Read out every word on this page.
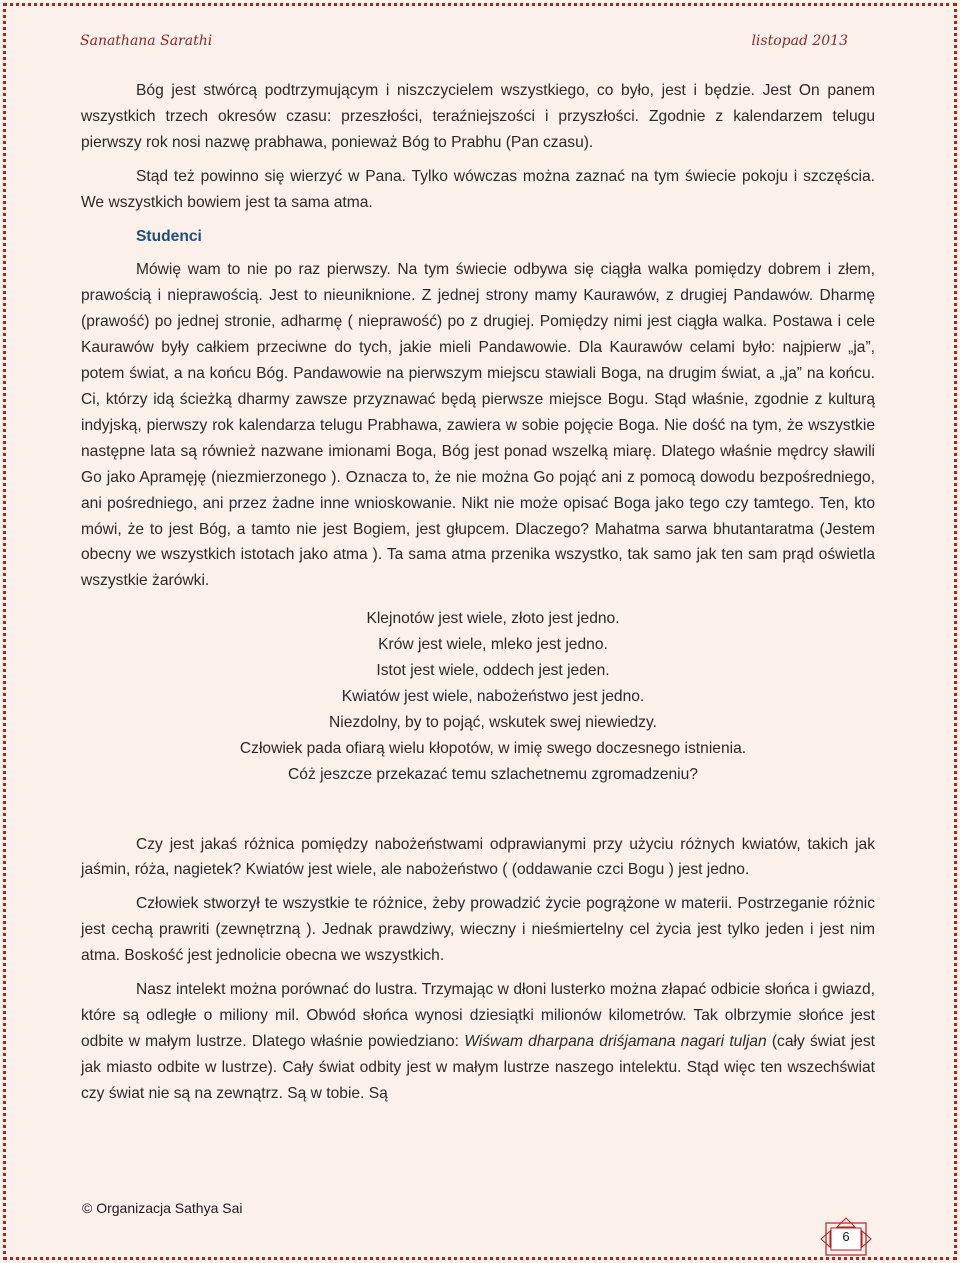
Sanathana Sarathi	listopad 2013

Bóg jest stwórcą podtrzymującym i niszczycielem wszystkiego, co było, jest i będzie. Jest On panem wszystkich trzech okresów czasu: przeszłości, teraźniejszości i przyszłości. Zgodnie z kalendarzem telugu pierwszy rok nosi nazwę prabhawa, ponieważ Bóg to Prabhu (Pan czasu).

Stąd też powinno się wierzyć w Pana. Tylko wówczas można zaznać na tym świecie pokoju i szczęścia. We wszystkich bowiem jest ta sama atma.

Studenci

Mówię wam to nie po raz pierwszy. Na tym świecie odbywa się ciągła walka pomiędzy dobrem i złem, prawością i nieprawością. Jest to nieuniknione. Z jednej strony mamy Kaurawów, z drugiej Pandawów. Dharmę (prawość) po jednej stronie, adharmę ( nieprawość) po z drugiej. Pomiędzy nimi jest ciągła walka. Postawa i cele Kaurawów były całkiem przeciwne do tych, jakie mieli Pandawowie. Dla Kaurawów celami było: najpierw „ja”, potem świat, a na końcu Bóg. Pandawowie na pierwszym miejscu stawiali Boga, na drugim świat, a „ja” na końcu. Ci, którzy idą ścieżką dharmy zawsze przyznawać będą pierwsze miejsce Bogu. Stąd właśnie, zgodnie z kulturą indyjską, pierwszy rok kalendarza telugu Prabhawa, zawiera w sobie pojęcie Boga. Nie dość na tym, że wszystkie następne lata są również nazwane imionami Boga, Bóg jest ponad wszelką miarę. Dlatego właśnie mędrcy sławili Go jako Apramęję (niezmierzonego ). Oznacza to, że nie można Go pojąć ani z pomocą dowodu bezpośredniego, ani pośredniego, ani przez żadne inne wnioskowanie. Nikt nie może opisać Boga jako tego czy tamtego. Ten, kto mówi, że to jest Bóg, a tamto nie jest Bogiem, jest głupcem. Dlaczego? Mahatma sarwa bhutantaratma (Jestem obecny we wszystkich istotach jako atma ). Ta sama atma przenika wszystko, tak samo jak ten sam prąd oświetla wszystkie żarówki.

Klejnotów jest wiele, złoto jest jedno.
Krów jest wiele, mleko jest jedno.
Istot jest wiele, oddech jest jeden.
Kwiatów jest wiele, nabożeństwo jest jedno.
Niezdolny, by to pojąć, wskutek swej niewiedzy.
Człowiek pada ofiarą wielu kłopotów, w imię swego doczesnego istnienia.
Cóż jeszcze przekazać temu szlachetnemu zgromadzeniu?

Czy jest jakaś różnica pomiędzy nabożeństwami odprawianymi przy użyciu różnych kwiatów, takich jak jaśmin, róża, nagietek? Kwiatów jest wiele, ale nabożeństwo ( (oddawanie czci Bogu ) jest jedno.

Człowiek stworzył te wszystkie te różnice, żeby prowadzić życie pogrążone w materii. Postrzeganie różnic jest cechą prawriti (zewnętrzną ). Jednak prawdziwy, wieczny i nieśmiertelny cel życia jest tylko jeden i jest nim atma. Boskość jest jednolicie obecna we wszystkich.

Nasz intelekt można porównać do lustra. Trzymając w dłoni lusterko można złapać odbicie słońca i gwiazd, które są odległe o miliony mil. Obwód słońca wynosi dziesiątki milionów kilometrów. Tak olbrzymie słońce jest odbite w małym lustrze. Dlatego właśnie powiedziano: Wiśwam dharpana driśjamana nagari tuljan (cały świat jest jak miasto odbite w lustrze). Cały świat odbity jest w małym lustrze naszego intelektu. Stąd więc ten wszechświat czy świat nie są na zewnątrz. Są w tobie. Są

© Organizacja Sathya Sai
6
